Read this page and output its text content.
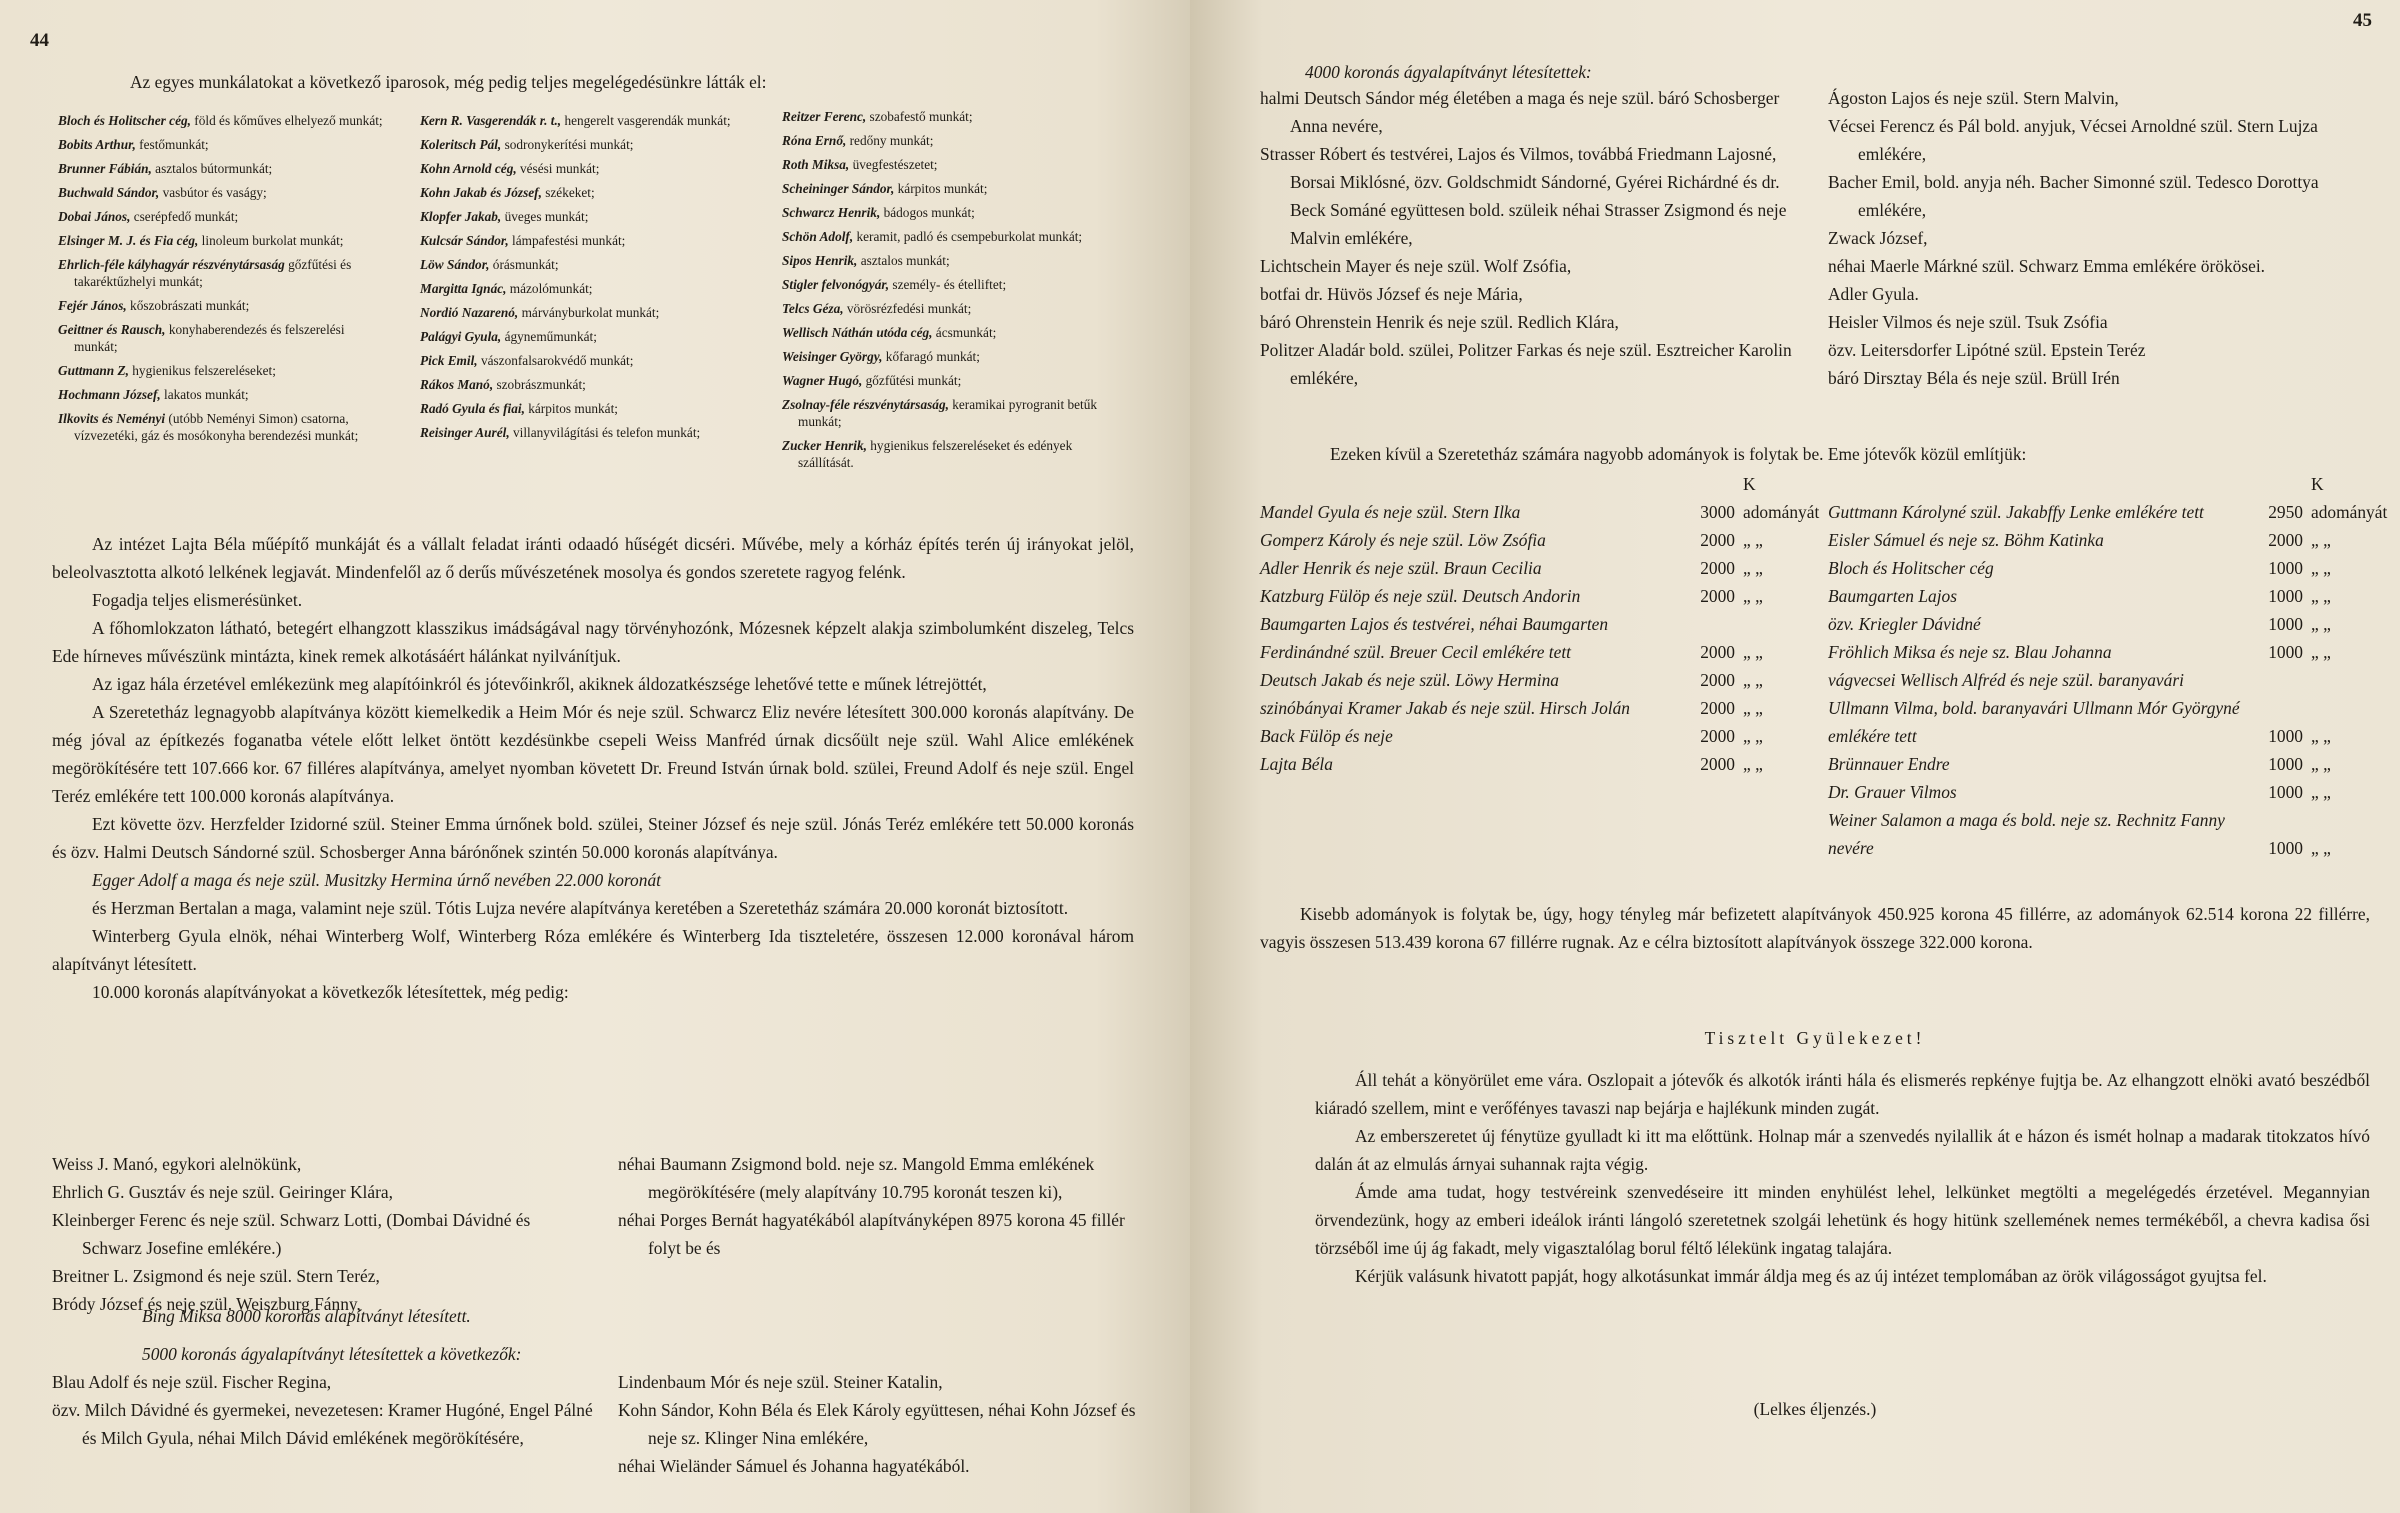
44
Az egyes munkálatokat a következő iparosok, még pedig teljes megelégedésünkre látták el:

Bloch és Holitscher cég, föld és kőműves elhelyező munkát;

Bobits Arthur, festőmunkát;

Brunner Fábián, asztalos bútormunkát;

Buchwald Sándor, vasbútor és vaságy;

Dobai János, cserépfedő munkát;

Elsinger M. J. és Fia cég, linoleum burkolat munkát;

Ehrlich-féle kályhagyár részvénytársaság gőzfűtési és takaréktűzhelyi munkát;

Fejér János, kőszobrászati munkát;

Geittner és Rausch, konyhaberendezés és felszerelési munkát;

Guttmann Z, hygienikus felszereléseket;

Hochmann József, lakatos munkát;

Ilkovits és Neményi (utóbb Neményi Simon) csatorna, vízvezetéki, gáz és mosókonyha berendezési munkát;

Kern R. Vasgerendák r. t., hengerelt vasgerendák munkát;

Koleritsch Pál, sodronykerítési munkát;

Kohn Arnold cég, vésési munkát;

Kohn Jakab és József, székeket;

Klopfer Jakab, üveges munkát;

Kulcsár Sándor, lámpafestési munkát;

Löw Sándor, órásmunkát;

Margitta Ignác, mázolómunkát;

Nordió Nazarenó, márványburkolat munkát;

Palágyi Gyula, ágyneműmunkát;

Pick Emil, vászonfalsarokvédő munkát;

Rákos Manó, szobrászmunkát;

Radó Gyula és fiai, kárpitos munkát;

Reisinger Aurél, villanyvilágítási és telefon munkát;

Reitzer Ferenc, szobafestő munkát;

Róna Ernő, redőny munkát;

Roth Miksa, üvegfestészetet;

Scheininger Sándor, kárpitos munkát;

Schwarcz Henrik, bádogos munkát;

Schön Adolf, keramit, padló és csempeburkolat munkát;

Sipos Henrik, asztalos munkát;

Stigler felvonógyár, személy- és ételliftet;

Telcs Géza, vörösrézfedési munkát;

Wellisch Náthán utóda cég, ácsmunkát;

Weisinger György, kőfaragó munkát;

Wagner Hugó, gőzfűtési munkát;

Zsolnay-féle részvénytársaság, keramikai pyrogranit betűk munkát;

Zucker Henrik, hygienikus felszereléseket és edények szállítását.

Az intézet Lajta Béla műépítő munkáját és a vállalt feladat iránti odaadó hűségét dicséri. Művébe, mely a kórház építés terén új irányokat jelöl, beleolvasztotta alkotó lelkének legjavát. Mindenfelől az ő derűs művészetének mosolya és gondos szeretete ragyog felénk.

Fogadja teljes elismerésünket.

A főhomlokzaton látható, betegért elhangzott klasszikus imádságával nagy törvényhozónk, Mózesnek képzelt alakja szimbolumként diszeleg, Telcs Ede hírneves művészünk mintázta, kinek remek alkotásáért hálánkat nyilvánítjuk.

Az igaz hála érzetével emlékezünk meg alapítóinkról és jótevőinkről, akiknek áldozatkészsége lehetővé tette e műnek létrejöttét,

A Szeretetház legnagyobb alapítványa között kiemelkedik a Heim Mór és neje szül. Schwarcz Eliz nevére létesített 300.000 koronás alapítvány. De még jóval az építkezés foganatba vétele előtt lelket öntött kezdésünkbe csepeli Weiss Manfréd úrnak dicsőült neje szül. Wahl Alice emlékének megörökítésére tett 107.666 kor. 67 filléres alapítványa, amelyet nyomban követett Dr. Freund István úrnak bold. szülei, Freund Adolf és neje szül. Engel Teréz emlékére tett 100.000 koronás alapítványa.

Ezt követte özv. Herzfelder Izidorné szül. Steiner Emma úrnőnek bold. szülei, Steiner József és neje szül. Jónás Teréz emlékére tett 50.000 koronás és özv. Halmi Deutsch Sándorné szül. Schosberger Anna bárónőnek szintén 50.000 koronás alapítványa.

Egger Adolf a maga és neje szül. Musitzky Hermina úrnő nevében 22.000 koronát

és Herzman Bertalan a maga, valamint neje szül. Tótis Lujza nevére alapítványa keretében a Szeretetház számára 20.000 koronát biztosított.

Winterberg Gyula elnök, néhai Winterberg Wolf, Winterberg Róza emlékére és Winterberg Ida tiszteletére, összesen 12.000 koronával három alapítványt létesített.

10.000 koronás alapítványokat a következők létesítettek, még pedig:

Weiss J. Manó, egykori alelnökünk,
Ehrlich G. Gusztáv és neje szül. Geiringer Klára,
Kleinberger Ferenc és neje szül. Schwarz Lotti, (Dombai Dávidné és Schwarz Josefine emlékére.)
Breitner L. Zsigmond és neje szül. Stern Teréz,
Bródy József és neje szül. Weiszburg Fánny,
néhai Baumann Zsigmond bold. neje sz. Mangold Emma emlékének megörökítésére (mely alapítvány 10.795 koronát teszen ki),
néhai Porges Bernát hagyatékából alapítványképen 8975 korona 45 fillér folyt be és
Bing Miksa 8000 koronás alapítványt létesített.
5000 koronás ágyalapítványt létesítettek a következők:
Blau Adolf és neje szül. Fischer Regina,
özv. Milch Dávidné és gyermekei, nevezetesen: Kramer Hugóné, Engel Pálné és Milch Gyula, néhai Milch Dávid emlékének megörökítésére,
Lindenbaum Mór és neje szül. Steiner Katalin,
Kohn Sándor, Kohn Béla és Elek Károly együttesen, néhai Kohn József és neje sz. Klinger Nina emlékére,
néhai Wieländer Sámuel és Johanna hagyatékából.
45
4000 koronás ágyalapítványt létesítettek:
halmi Deutsch Sándor még életében a maga és neje szül. báró Schosberger Anna nevére,
Strasser Róbert és testvérei, Lajos és Vilmos, továbbá Friedmann Lajosné, Borsai Miklósné, özv. Goldschmidt Sándorné, Gyérei Richárdné és dr. Beck Sománé együttesen bold. szüleik néhai Strasser Zsigmond és neje Malvin emlékére,
Lichtschein Mayer és neje szül. Wolf Zsófia,
botfai dr. Hüvös József és neje Mária,
báró Ohrenstein Henrik és neje szül. Redlich Klára,
Politzer Aladár bold. szülei, Politzer Farkas és neje szül. Esztreicher Karolin emlékére,
Ágoston Lajos és neje szül. Stern Malvin,
Vécsei Ferencz és Pál bold. anyjuk, Vécsei Arnoldné szül. Stern Lujza emlékére,
Bacher Emil, bold. anyja néh. Bacher Simonné szül. Tedesco Dorottya emlékére,
Zwack József,
néhai Maerle Márkné szül. Schwarz Emma emlékére örökösei.
Adler Gyula.
Heisler Vilmos és neje szül. Tsuk Zsófia
özv. Leitersdorfer Lipótné szül. Epstein Teréz
báró Dirsztay Béla és neje szül. Brüll Irén
Ezeken kívül a Szeretetház számára nagyobb adományok is folytak be. Eme jótevők közül említjük:
Mandel Gyula és neje szül. Stern Ilka	3000
K adományát
Gomperz Károly és neje szül. Löw Zsófia	2000 „ „
Adler Henrik és neje szül. Braun Cecilia	2000 „ „
Katzburg Fülöp és neje szül. Deutsch Andorin	2000 „ „
Baumgarten Lajos és testvérei, néhai Baumgarten Ferdinándné szül. Breuer Cecil emlékére tett	2000 „ „
Deutsch Jakab és neje szül. Löwy Hermina	2000 „ „
szinóbányai Kramer Jakab és neje szül. Hirsch Jolán	2000 „ „
Back Fülöp és neje	2000 „ „
Lajta Béla	2000 „ „
Guttmann Károlyné szül. Jakabffy Lenke emlékére tett	2950
K adományát
Eisler Sámuel és neje sz. Böhm Katinka	2000 „ „
Bloch és Holitscher cég	1000 „ „
Baumgarten Lajos	1000 „ „
özv. Kriegler Dávidné	1000 „ „
Fröhlich Miksa és neje sz. Blau Johanna	1000 „ „
vágvecsei Wellisch Alfréd és neje szül. baranyavári Ullmann Vilma, bold. baranyavári Ullmann Mór Györgyné emlékére tett	1000 „ „
Brünnauer Endre	1000 „ „
Dr. Grauer Vilmos	1000 „ „
Weiner Salamon a maga és bold. neje sz. Rechnitz Fanny nevére	1000 „ „
Kisebb adományok is folytak be, úgy, hogy tényleg már befizetett alapítványok 450.925 korona 45 fillérre, az adományok 62.514 korona 22 fillérre, vagyis összesen 513.439 korona 67 fillérre rugnak. Az e célra biztosított alapítványok összege 322.000 korona.
Tisztelt Gyülekezet!

Áll tehát a könyörület eme vára. Oszlopait a jótevők és alkotók iránti hála és elismerés repkénye fujtja be. Az elhangzott elnöki avató beszédből kiáradó szellem, mint e verőfényes tavaszi nap bejárja e hajlékunk minden zugát.

Az emberszeretet új fénytüze gyulladt ki itt ma előttünk. Holnap már a szenvedés nyilallik át e házon és ismét holnap a madarak titokzatos hívó dalán át az elmulás árnyai suhannak rajta végig.

Ámde ama tudat, hogy testvéreink szenvedéseire itt minden enyhülést lehel, lelkünket megtölti a megelégedés érzetével. Megannyian örvendezünk, hogy az emberi ideálok iránti lángoló szeretetnek szolgái lehetünk és hogy hitünk szellemének nemes termékéből, a chevra kadisa ősi törzséből ime új ág fakadt, mely vigasztalólag borul féltő lélekünk ingatag talajára.

Kérjük valásunk hivatott papját, hogy alkotásunkat immár áldja meg és az új intézet templomában az örök világosságot gyujtsa fel.

(Lelkes éljenzés.)
